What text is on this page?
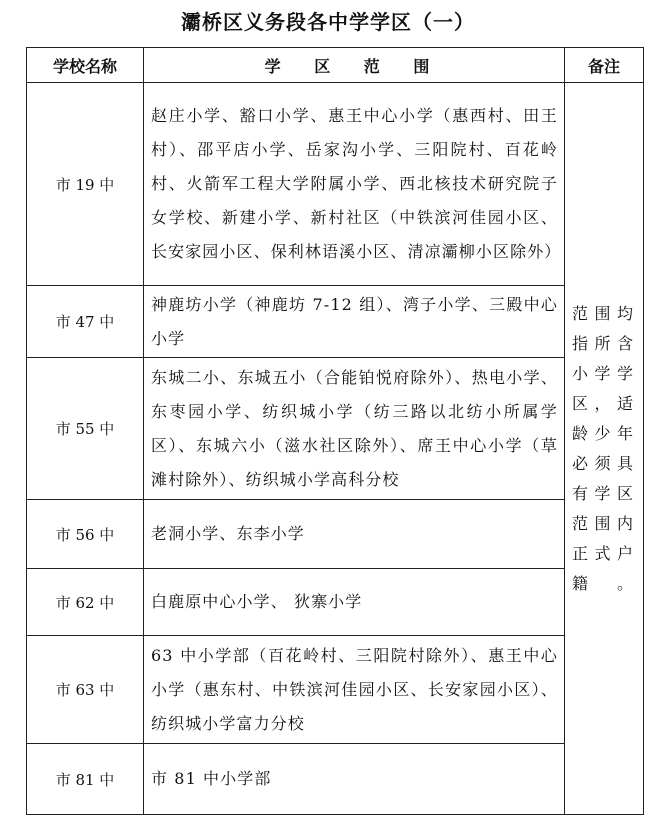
灞桥区义务段各中学学区（一）
学校名称	学 区 范 围	备注
市 19 中	赵庄小学、豁口小学、惠王中心小学（惠西村、田王村）、邵平店小学、岳家沟小学、三阳院村、百花岭村、火箭军工程大学附属小学、西北核技术研究院子女学校、新建小学、新村社区（中铁滨河佳园小区、长安家园小区、保利林语溪小区、清凉灞柳小区除外）	范围均指所含小学学区，适龄少年必须具有学区范围内正式户籍。
市 47 中	神鹿坊小学（神鹿坊 7-12 组）、湾子小学、三殿中心小学	
市 55 中	东城二小、东城五小（合能铂悦府除外）、热电小学、东枣园小学、纺织城小学（纺三路以北纺小所属学区）、东城六小（滋水社区除外）、席王中心小学（草滩村除外）、纺织城小学高科分校	
市 56 中	老洞小学、东李小学	
市 62 中	白鹿原中心小学、 狄寨小学	
市 63 中	63 中小学部（百花岭村、三阳院村除外）、惠王中心小学（惠东村、中铁滨河佳园小区、长安家园小区）、纺织城小学富力分校	
市 81 中	市 81 中小学部	
